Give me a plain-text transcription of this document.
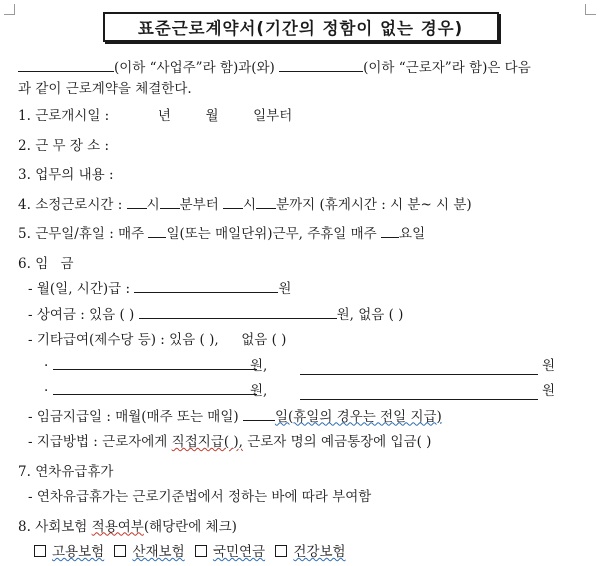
표준근로계약서(기간의 정함이 없는 경우)
(이하 “사업주”라 함)과(와)	(이하 “근로자”라 함)은 다음
과 같이 근로계약을 체결한다.
1. 근로개시일 :	년	월	일부터
2. 근 무 장 소 :
3. 업무의 내용 :
4. 소정근로시간 : 시 분부터 시 분까지 (휴게시간 : 시 분~ 시 분)
5. 근무일/휴일 : 매주 일(또는 매일단위)근무, 주휴일 매주 요일
6. 임 금
- 월(일, 시간)급 :	원
- 상여금 : 있음 ( )	원, 없음 ( )
- 기타급여(제수당 등) : 있음 ( ), 없음 ( )
·	원,	원
·	원,	원
- 임금지급일 : 매월(매주 또는 매일)	일(휴일의 경우는 전일 지급)
- 지급방법 : 근로자에게 직접지급( ), 근로자 명의 예금통장에 입금( )
7. 연차유급휴가
- 연차유급휴가는 근로기준법에서 정하는 바에 따라 부여함
8. 사회보험 적용여부(해당란에 체크)
고용보험 산재보험 국민연금 건강보험
